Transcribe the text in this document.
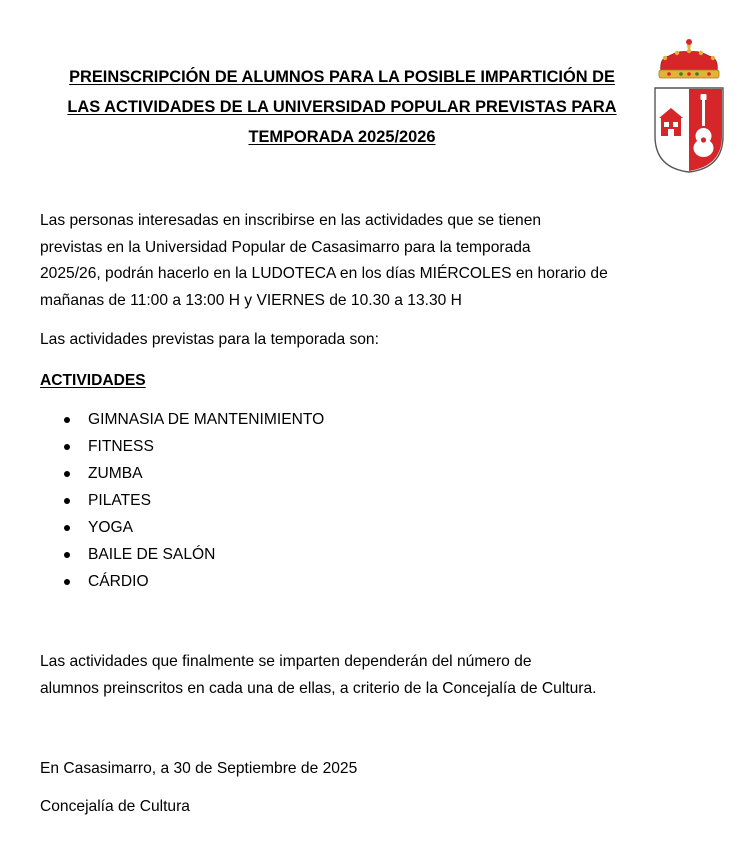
PREINSCRIPCIÓN DE ALUMNOS PARA LA POSIBLE IMPARTICIÓN DE
LAS ACTIVIDADES DE LA UNIVERSIDAD POPULAR PREVISTAS PARA
TEMPORADA 2025/2026

Las personas interesadas en inscribirse en las actividades que se tienen
previstas en la Universidad Popular de Casasimarro para la temporada
2025/26, podrán hacerlo en la LUDOTECA en los días MIÉRCOLES en horario de
mañanas de 11:00 a 13:00 H y VIERNES de 10.30 a 13.30 H

Las actividades previstas para la temporada son:

ACTIVIDADES

GIMNASIA DE MANTENIMIENTO
FITNESS
ZUMBA
PILATES
YOGA
BAILE DE SALÓN
CÁRDIO

Las actividades que finalmente se imparten dependerán del número de
alumnos preinscritos en cada una de ellas, a criterio de la Concejalía de Cultura.

En Casasimarro, a 30 de Septiembre de 2025

Concejalía de Cultura
